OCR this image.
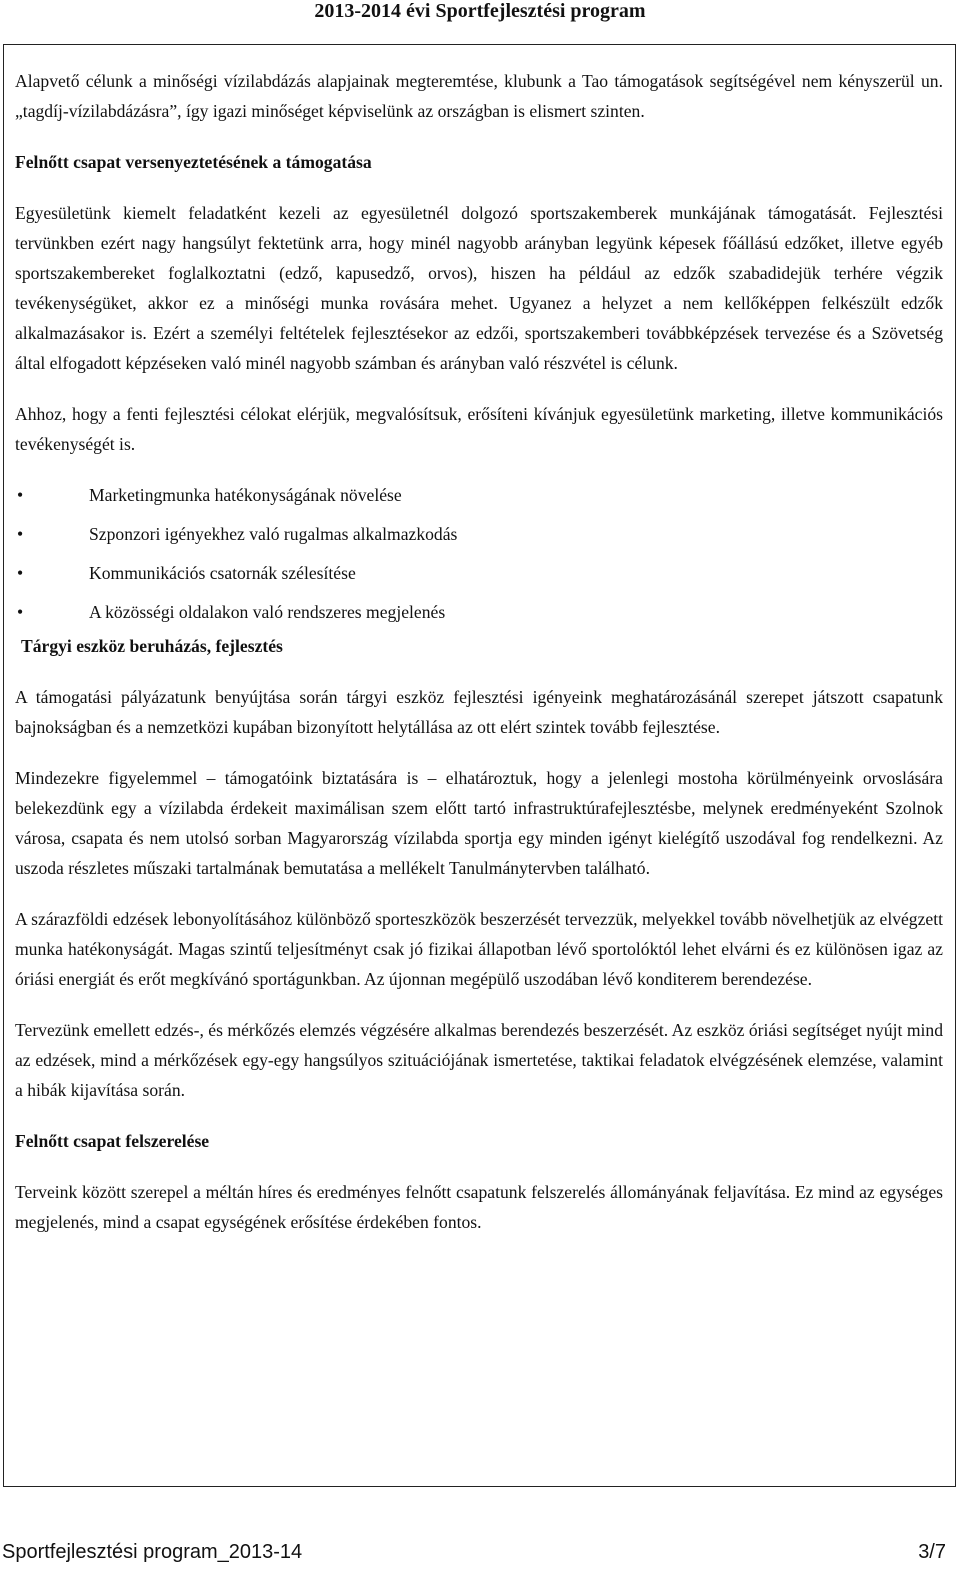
2013-2014 évi Sportfejlesztési program

Alapvető célunk a minőségi vízilabdázás alapjainak megteremtése, klubunk a Tao támogatások segítségével nem kényszerül un. „tagdíj-vízilabdázásra”, így igazi minőséget képviselünk az országban is elismert szinten.

Felnőtt csapat versenyeztetésének a támogatása

Egyesületünk kiemelt feladatként kezeli az egyesületnél dolgozó sportszakemberek munkájának támogatását. Fejlesztési tervünkben ezért nagy hangsúlyt fektetünk arra, hogy minél nagyobb arányban legyünk képesek főállású edzőket, illetve egyéb sportszakembereket foglalkoztatni (edző, kapusedző, orvos), hiszen ha például az edzők szabadidejük terhére végzik tevékenységüket, akkor ez a minőségi munka rovására mehet. Ugyanez a helyzet a nem kellőképpen felkészült edzők alkalmazásakor is. Ezért a személyi feltételek fejlesztésekor az edzői, sportszakemberi továbbképzések tervezése és a Szövetség által elfogadott képzéseken való minél nagyobb számban és arányban való részvétel is célunk.

Ahhoz, hogy a fenti fejlesztési célokat elérjük, megvalósítsuk, erősíteni kívánjuk egyesületünk marketing, illetve kommunikációs tevékenységét is.

•	Marketingmunka hatékonyságának növelése
•	Szponzori igényekhez való rugalmas alkalmazkodás
•	Kommunikációs csatornák szélesítése
•	A közösségi oldalakon való rendszeres megjelenés

Tárgyi eszköz beruházás, fejlesztés

A támogatási pályázatunk benyújtása során tárgyi eszköz fejlesztési igényeink meghatározásánál szerepet játszott csapatunk bajnokságban és a nemzetközi kupában bizonyított helytállása az ott elért szintek tovább fejlesztése.

Mindezekre figyelemmel ‒ támogatóink biztatására is ‒ elhatároztuk, hogy a jelenlegi mostoha körülményeink orvoslására belekezdünk egy a vízilabda érdekeit maximálisan szem előtt tartó infrastruktúrafejlesztésbe, melynek eredményeként Szolnok városa, csapata és nem utolsó sorban Magyarország vízilabda sportja egy minden igényt kielégítő uszodával fog rendelkezni. Az uszoda részletes műszaki tartalmának bemutatása a mellékelt Tanulmánytervben található.

A szárazföldi edzések lebonyolításához különböző sporteszközök beszerzését tervezzük, melyekkel tovább növelhetjük az elvégzett munka hatékonyságát. Magas szintű teljesítményt csak jó fizikai állapotban lévő sportolóktól lehet elvárni és ez különösen igaz az óriási energiát és erőt megkívánó sportágunkban. Az újonnan megépülő uszodában lévő konditerem berendezése.

Tervezünk emellett edzés-, és mérkőzés elemzés végzésére alkalmas berendezés beszerzését. Az eszköz óriási segítséget nyújt mind az edzések, mind a mérkőzések egy-egy hangsúlyos szituációjának ismertetése, taktikai feladatok elvégzésének elemzése, valamint a hibák kijavítása során.

Felnőtt csapat felszerelése

Terveink között szerepel a méltán híres és eredményes felnőtt csapatunk felszerelés állományának feljavítása. Ez mind az egységes megjelenés, mind a csapat egységének erősítése érdekében fontos.

Sportfejlesztési program_2013-14	3/7
